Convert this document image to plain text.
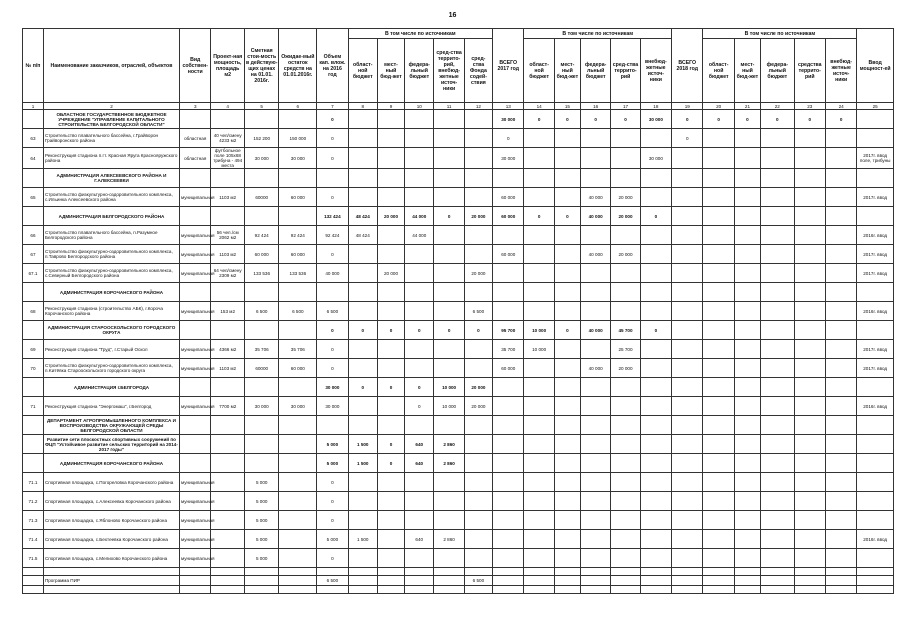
16
№ п/п	Наименование заказчиков, отраслей, объектов	Вид собствен-ности	Проект-ная мощность, площадь м2	Сметная стои-мость в действую-щих ценах на 01.01. 2016г.	Ожидае-мый остаток средств на 01.01.2016г.	Объем кап. влож. на 2016 год	В том числе по источникам					ВСЕГО 2017 год	В том числе по источникам					ВСЕГО 2018 год	В том числе по источникам					Ввод мощност-ей
							област-ной бюджет	мест-ный бюд-жет	федера-льный бюджет	сред-ства террито-рий, внебюд-жетные источ-ники	сред-ства Фонда содей-ствия		област-ной бюджет	мест-ный бюд-жет	федера-льный бюджет	сред-ства террито-рий	внебюд-жетные источ-ники		област-ной бюджет	мест-ный бюд-жет	федера-льный бюджет	средства террито-рий	внебюд-жетные источ-ники	
1	2	3	4	5	6	7	8	9	10	11	12	13	14	15	16	17	18	19	20	21	22	23	24	25
	ОБЛАСТНОЕ ГОСУДАРСТВЕННОЕ БЮДЖЕТНОЕ УЧРЕЖДЕНИЕ "УПРАВЛЕНИЕ КАПИТАЛЬНОГО СТРОИТЕЛЬСТВА БЕЛГОРОДСКОЙ ОБЛАСТИ"					0						30 000	0	0	0	0	30 000	0	0	0	0	0	0	
63	Строительство плавательного бассейна, г.Грайворон Грайворонского района	областная	40 чел/смену 4233 м2	152 200	150 000	0						0						0						
64	Реконструкция стадиона п.гт. Красная Яруга Краснояружского района	областная	футбольное поле 105х68 трибуна - 494 места	30 000	30 000	0						30 000					30 000							2017г. ввод поле, трибуны
	АДМИНИСТРАЦИЯ АЛЕКСЕЕВСКОГО РАЙОНА И Г.АЛЕКСЕЕВКИ																							
65	Строительство физкультурно-оздоровительного комплекса, с.Ильинка Алексеевского района	муниципальная	1103 м2	60000	60 000	0						60 000			40 000	20 000								2017г. ввод
	АДМИНИСТРАЦИЯ БЕЛГОРОДСКОГО РАЙОНА					132 424	48 424	20 000	44 000	0	20 000	60 000	0	0	40 000	20 000	0							
66	Строительство плавательного бассейна, п.Разумное Белгородского района	муниципальная	56 чел./см 2062 м2	92 424	92 424	92 424	48 424		44 000															2016г. ввод
67	Строительство физкультурно-оздоровительного комплекса, п.Таврово Белгородского района	муниципальная	1103 м2	60 000	60 000	0						60 000			40 000	20 000								2017г. ввод
67.1	Строительство физкультурно-оздоровительного комплекса, с.Северный Белгородского района	муниципальная	64 чел/смену 2309 м2	133 536	133 536	40 000		20 000			20 000													2017г. ввод
	АДМИНИСТРАЦИЯ КОРОЧАНСКОГО РАЙОНА																							
68	Реконструкция стадиона (строительство АБК), г.Короча Корочанского района	муниципальная	153 м2	6 500	6 500	6 500					6 500													2016г. ввод
	АДМИНИСТРАЦИЯ СТАРООСКОЛЬСКОГО ГОРОДСКОГО ОКРУГА					0	0	0	0	0	0	95 700	10 000	0	40 000	45 700	0							
69	Реконструкция стадиона "Труд", г.Старый Оскол	муниципальная	4366 м2	35 706	35 706	0						35 700	10 000			25 700								2017г. ввод
70	Строительство физкультурно-оздоровительного комплекса, п.Køтёвка Старооскольского городского округа	муниципальная	1103 м2	60000	60 000	0						60 000			40 000	20 000								2017г. ввод
	АДМИНИСТРАЦИЯ г.БЕЛГОРОДА					30 000	0	0	0	10 000	20 000													
71	Реконструкция стадиона "Энергомаш", г.Белгород	муниципальная	7700 м2	30 000	30 000	30 000			0	10 000	20 000													2016г. ввод
	ДЕПАРТАМЕНТ АГРОПРОМЫШЛЕННОГО КОМПЛЕКСА И ВОСПРОИЗВОДСТВА ОКРУЖАЮЩЕЙ СРЕДЫ БЕЛГОРОДСКОЙ ОБЛАСТИ																							
	Развитие сети плоскостных спортивных сооружений по ФЦП "Устойчивое развитие сельских территорий на 2014-2017 годы"					5 000	1 500	0	640	2 860														
	АДМИНИСТРАЦИЯ КОРОЧАНСКОГО РАЙОНА					5 000	1 500	0	640	2 860														
71.1	Спортивная площадка, с.Погореловка Корочанского района	муниципальная		5 000		0																		
71.2	Спортивная площадка, с.Алексеевка Корочанского района	муниципальная		5 000		0																		
71.3	Спортивная площадка, с.Яблоново Корочанского района	муниципальная		5 000		0																		
71.4	Спортивная площадка, с.Бехтеевка Корочанского района	муниципальная		5 000		5 000	1 500		640	2 860														2016г. ввод
71.5	Спортивная площадка, с.Мелихово Корочанского района	муниципальная		5 000		0																		

	Программа ПИР					6 500					6 500													
